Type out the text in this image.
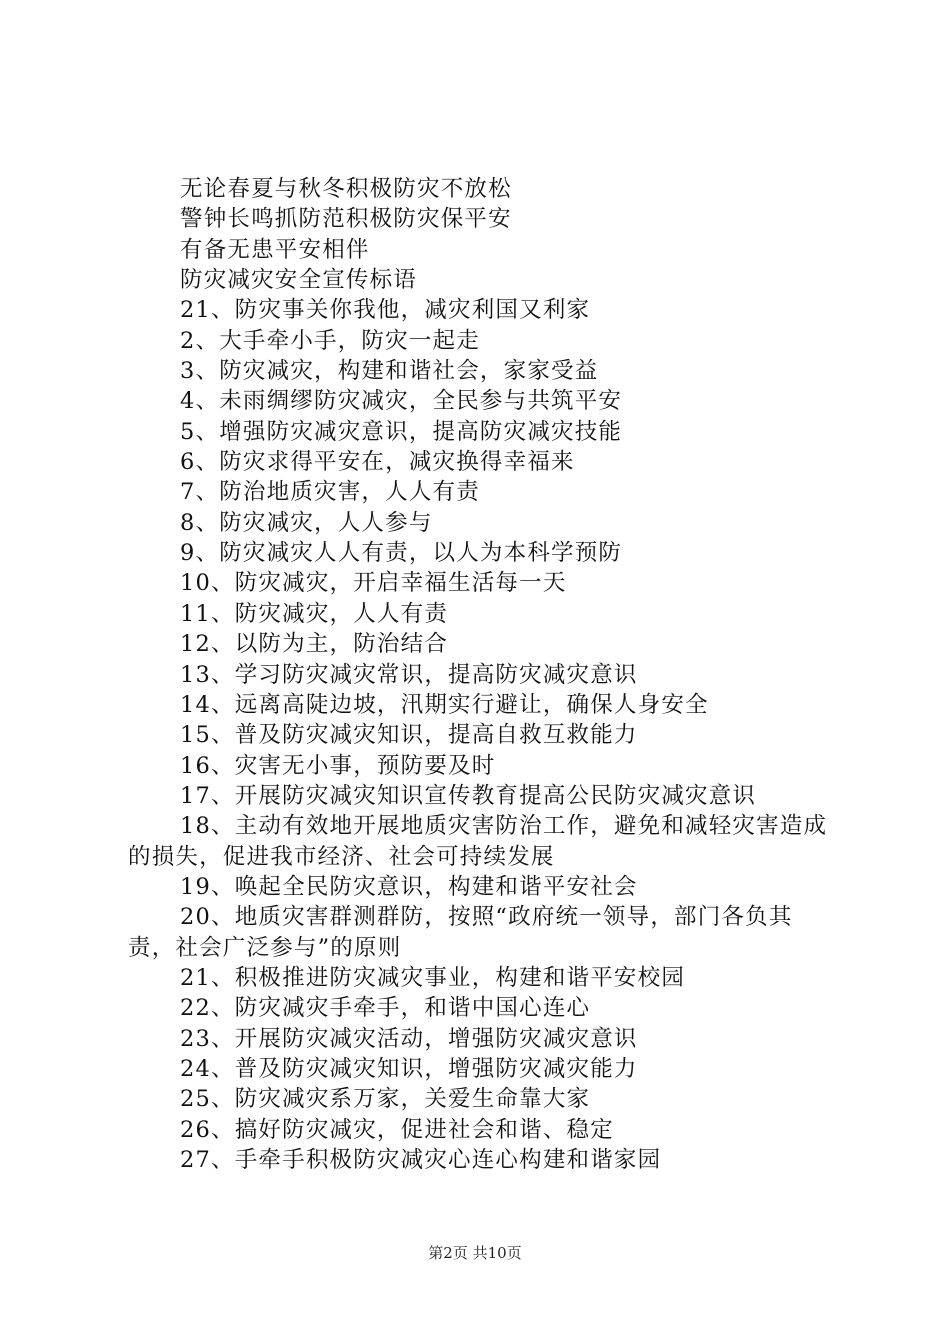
无论春夏与秋冬积极防灾不放松

警钟长鸣抓防范积极防灾保平安

有备无患平安相伴

防灾减灾安全宣传标语

21、防灾事关你我他，减灾利国又利家

2、大手牵小手，防灾一起走

3、防灾减灾，构建和谐社会，家家受益

4、未雨绸缪防灾减灾，全民参与共筑平安

5、增强防灾减灾意识，提高防灾减灾技能

6、防灾求得平安在，减灾换得幸福来

7、防治地质灾害，人人有责

8、防灾减灾，人人参与

9、防灾减灾人人有责，以人为本科学预防

10、防灾减灾，开启幸福生活每一天

11、防灾减灾，人人有责

12、以防为主，防治结合

13、学习防灾减灾常识，提高防灾减灾意识

14、远离高陡边坡，汛期实行避让，确保人身安全

15、普及防灾减灾知识，提高自救互救能力

16、灾害无小事，预防要及时

17、开展防灾减灾知识宣传教育提高公民防灾减灾意识

18、主动有效地开展地质灾害防治工作，避免和减轻灾害造成的损失，促进我市经济、社会可持续发展

19、唤起全民防灾意识，构建和谐平安社会

20、地质灾害群测群防，按照“政府统一领导，部门各负其责，社会广泛参与”的原则

21、积极推进防灾减灾事业，构建和谐平安校园

22、防灾减灾手牵手，和谐中国心连心

23、开展防灾减灾活动，增强防灾减灾意识

24、普及防灾减灾知识，增强防灾减灾能力

25、防灾减灾系万家，关爱生命靠大家

26、搞好防灾减灾，促进社会和谐、稳定

27、手牵手积极防灾减灾心连心构建和谐家园

第2页 共10页
